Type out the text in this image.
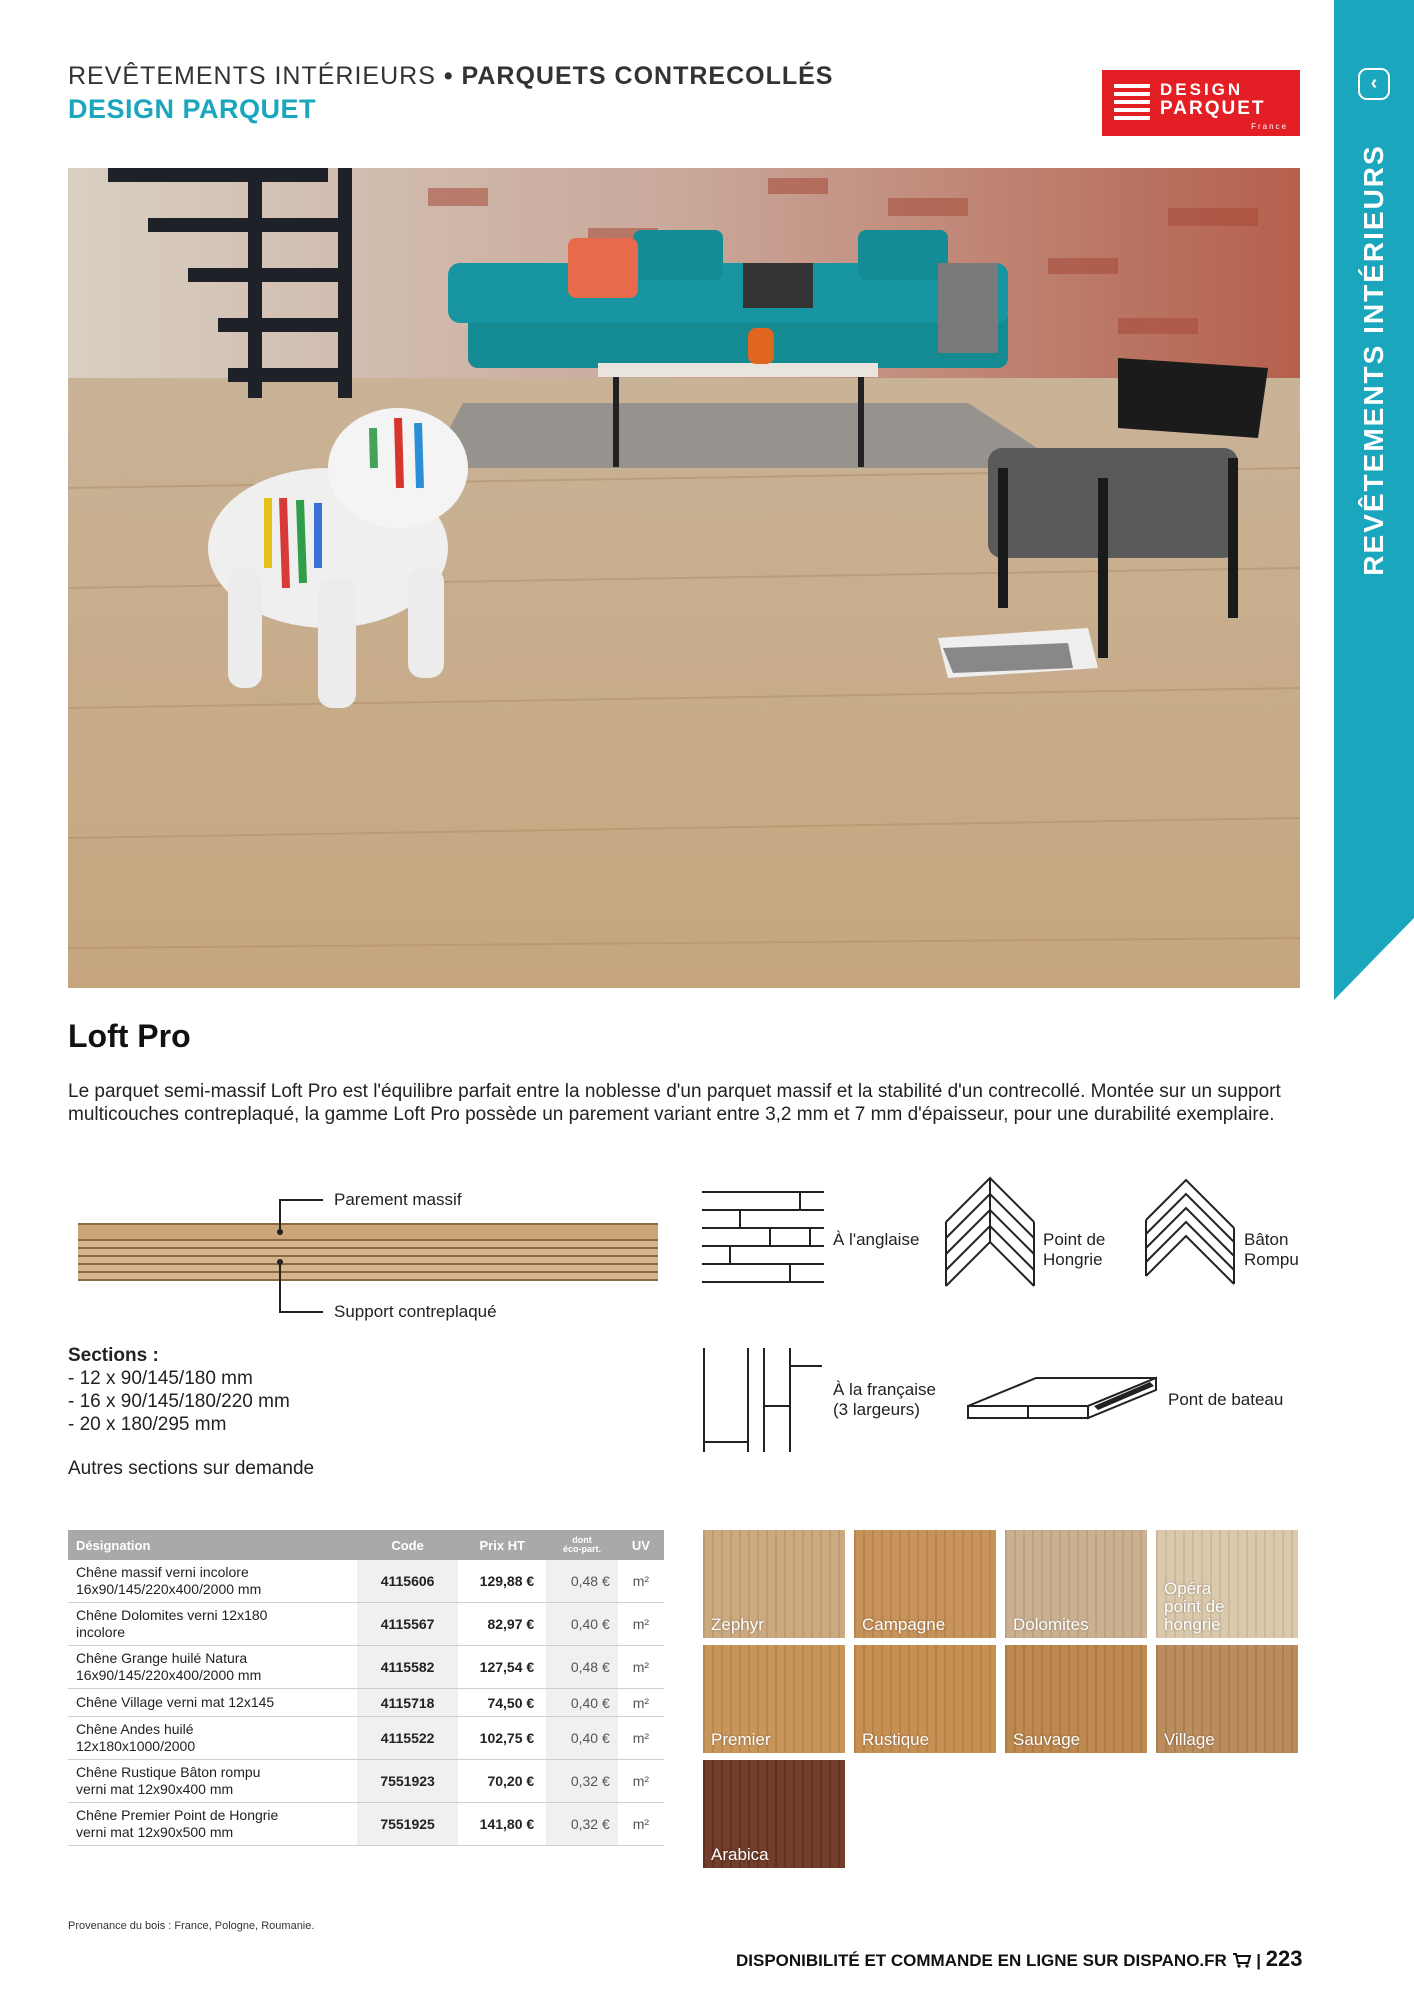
REVÊTEMENTS INTÉRIEURS • PARQUETS CONTRECOLLÉS
DESIGN PARQUET
DESIGN
PARQUET
France
‹
REVÊTEMENTS INTÉRIEURS
Loft Pro
Le parquet semi-massif Loft Pro est l'équilibre parfait entre la noblesse d'un parquet massif et la stabilité d'un contrecollé. Montée sur un support multicouches contreplaqué, la gamme Loft Pro possède un parement variant entre 3,2 mm et 7 mm d'épaisseur, pour une durabilité exemplaire.
Parement massif
Support contreplaqué
Sections :
- 12 x 90/145/180 mm
- 16 x 90/145/180/220 mm
- 20 x 180/295 mm
Autres sections sur demande
À l'anglaise	Point de
Hongrie
Bâton
Rompu
À la française
(3 largeurs)
Pont de bateau
Désignation	Code	Prix HT	dont
éco-part.	UV
Chêne massif verni incolore
16x90/145/220x400/2000 mm	4115606	129,88 €	0,48 €	m²
Chêne Dolomites verni 12x180
incolore	4115567	82,97 €	0,40 €	m²
Chêne Grange huilé Natura
16x90/145/220x400/2000 mm	4115582	127,54 €	0,48 €	m²
Chêne Village verni mat 12x145	4115718	74,50 €	0,40 €	m²
Chêne Andes huilé
12x180x1000/2000	4115522	102,75 €	0,40 €	m²
Chêne Rustique Bâton rompu
verni mat 12x90x400 mm	7551923	70,20 €	0,32 €	m²
Chêne Premier Point de Hongrie
verni mat 12x90x500 mm	7551925	141,80 €	0,32 €	m²
Zephyr	Campagne	Dolomites
Opéra
point de
hongrie
Premier	Rustique	Sauvage	Village
Arabica
Provenance du bois : France, Pologne, Roumanie.
DISPONIBILITÉ ET COMMANDE EN LIGNE SUR DISPANO.FR | 223
